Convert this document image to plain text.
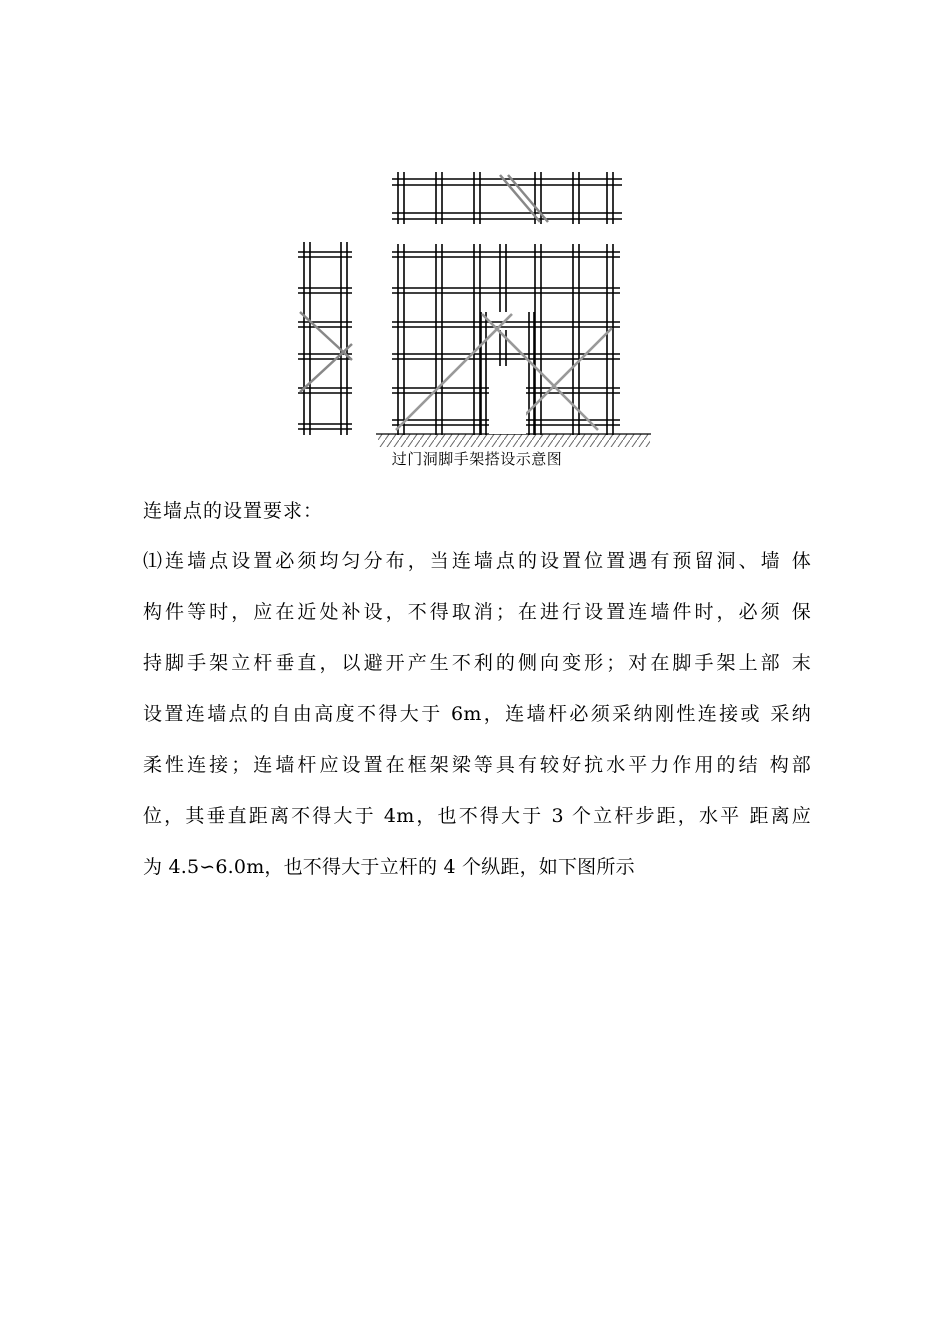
过门洞脚手架搭设示意图
连墙点的设置要求：
⑴连墙点设置必须均匀分布，当连墙点的设置位置遇有预留洞、墙 体
构件等时，应在近处补设，不得取消；在进行设置连墙件时，必须 保
持脚手架立杆垂直，以避开产生不利的侧向变形；对在脚手架上部 末
设置连墙点的自由高度不得大于 6m，连墙杆必须采纳刚性连接或 采纳
柔性连接；连墙杆应设置在框架梁等具有较好抗水平力作用的结 构部
位，其垂直距离不得大于 4m，也不得大于 3 个立杆步距，水平 距离应
为 4.5∽6.0m，也不得大于立杆的 4 个纵距，如下图所示
